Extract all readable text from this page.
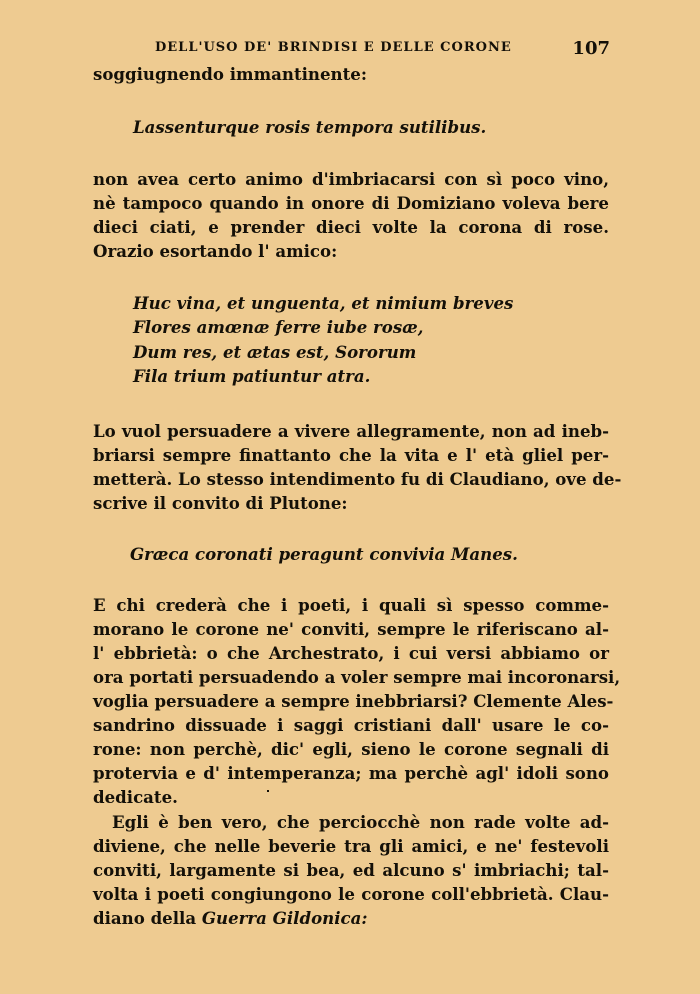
DELL'USO DE' BRINDISI E DELLE CORONE	107
soggiugnendo immantinente:
Lassenturque rosis tempora sutilibus.
non avea certo animo d'imbriacarsi con sì poco vino,
nè tampoco quando in onore di Domiziano voleva bere
dieci ciati, e prender dieci volte la corona di rose.
Orazio esortando l' amico:
Huc vina, et unguenta, et nimium breves
Flores amœnæ ferre iube rosæ,
Dum res, et ætas est, Sororum
Fila trium patiuntur atra.
Lo vuol persuadere a vivere allegramente, non ad ineb-
briarsi sempre finattanto che la vita e l' età gliel per-
metterà. Lo stesso intendimento fu di Claudiano, ove de-
scrive il convito di Plutone:
Græca coronati peragunt convivia Manes.
E chi crederà che i poeti, i quali sì spesso comme-
morano le corone ne' conviti, sempre le riferiscano al-
l' ebbrietà: o che Archestrato, i cui versi abbiamo or
ora portati persuadendo a voler sempre mai incoronarsi,
voglia persuadere a sempre inebbriarsi? Clemente Ales-
sandrino dissuade i saggi cristiani dall' usare le co-
rone: non perchè, dic' egli, sieno le corone segnali di
protervia e d' intemperanza; ma perchè agl' idoli sono
dedicate.
Egli è ben vero, che perciocchè non rade volte ad-
diviene, che nelle beverie tra gli amici, e ne' festevoli
conviti, largamente si bea, ed alcuno s' imbriachi; tal-
volta i poeti congiungono le corone coll'ebbrietà. Clau-
diano della Guerra Gildonica:
